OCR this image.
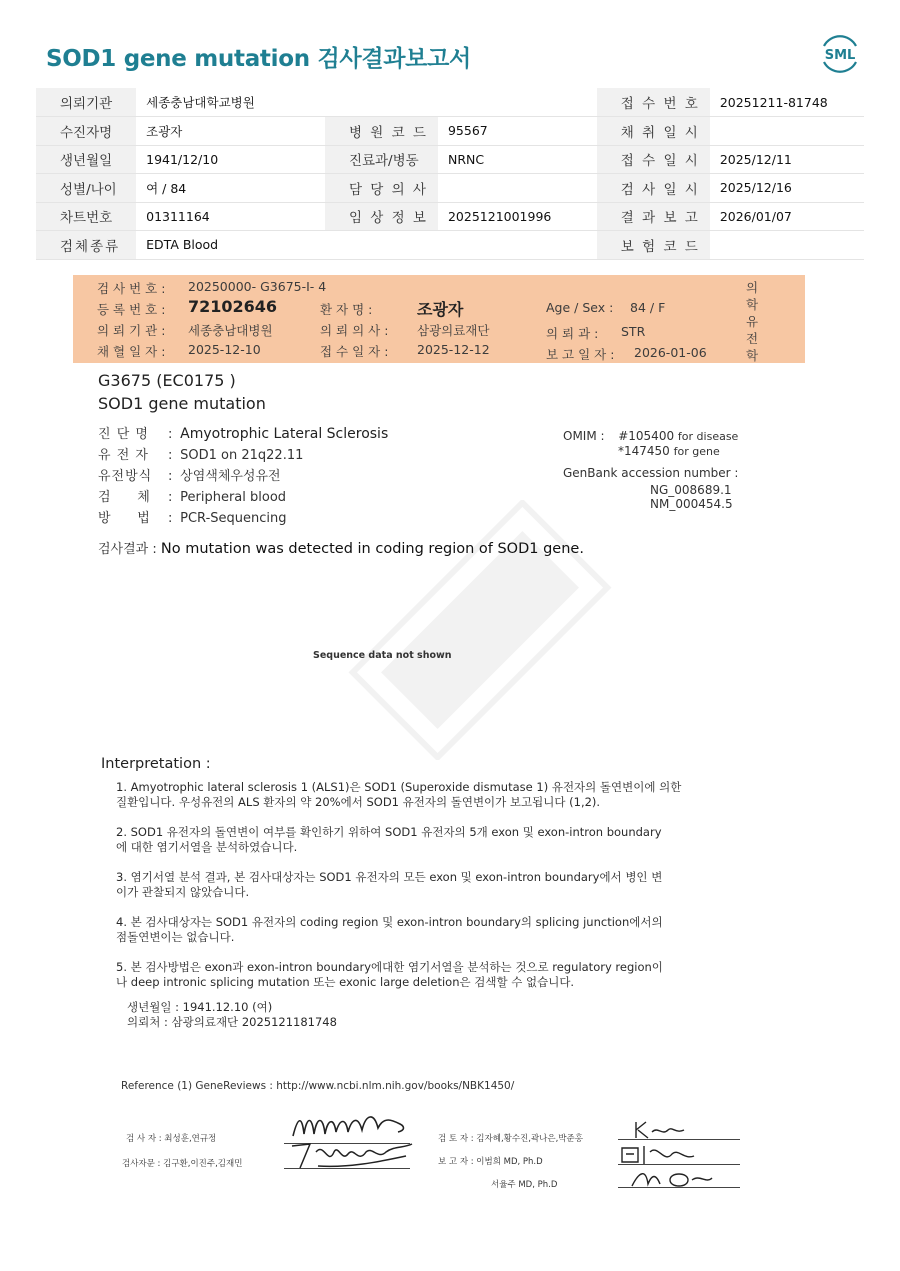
SOD1 gene mutation 검사결과보고서	SML
의뢰기관	세종충남대학교병원			접 수 번 호	20251211-81748
수진자명	조광자	병 원 코 드	95567	채 취 일 시	
생년월일	1941/12/10	진료과/병동	NRNC	접 수 일 시	2025/12/11
성별/나이	여 / 84	담 당 의 사		검 사 일 시	2025/12/16
차트번호	01311164	임 상 정 보	2025121001996	결 과 보 고	2026/01/07
검체종류	EDTA Blood			보 험 코 드	
검 사 번 호 : 20250000- G3675-I- 4
등 록 번 호 : 72102646	환 자 명 :	조광자	Age / Sex : 84 / F
의 뢰 기 관 : 세종충남대병원	의 뢰 의 사 : 삼광의료재단	의 뢰 과 : STR
채 혈 일 자 : 2025-12-10	접 수 일 자 : 2025-12-12	보 고 일 자 : 2026-01-06
의
학
유
전
학
G3675 (EC0175 )
SOD1 gene mutation
진 단 명 : Amyotrophic Lateral Sclerosis
유 전 자 : SOD1 on 21q22.11
유전방식 : 상염색체우성유전
검     체 : Peripheral blood
방     법 : PCR-Sequencing
OMIM : #105400 for disease
*147450 for gene
GenBank accession number :
NG_008689.1
NM_000454.5
검사결과 : No mutation was detected in coding region of SOD1 gene.
Sequence data not shown
Interpretation :

1. Amyotrophic lateral sclerosis 1 (ALS1)은 SOD1 (Superoxide dismutase 1) 유전자의 돌연변이에 의한
질환입니다. 우성유전의 ALS 환자의 약 20%에서 SOD1 유전자의 돌연변이가 보고됩니다 (1,2).

2. SOD1 유전자의 돌연변이 여부를 확인하기 위하여 SOD1 유전자의 5개 exon 및 exon-intron boundary
에 대한 염기서열을 분석하였습니다.

3. 염기서열 분석 결과, 본 검사대상자는 SOD1 유전자의 모든 exon 및 exon-intron boundary에서 병인 변
이가 관찰되지 않았습니다.

4. 본 검사대상자는 SOD1 유전자의 coding region 및 exon-intron boundary의 splicing junction에서의
점돌연변이는 없습니다.

5. 본 검사방법은 exon과 exon-intron boundary에대한 염기서열을 분석하는 것으로 regulatory region이
나 deep intronic splicing mutation 또는 exonic large deletion은 검색할 수 없습니다.

생년월일 : 1941.12.10 (여)
의뢰처 : 삼광의료재단 2025121181748
Reference (1) GeneReviews : http://www.ncbi.nlm.nih.gov/books/NBK1450/
검 사 자 : 최성훈,연규정
검사자문 : 김구환,이진주,김재민
검 토 자 : 김자혜,황수진,곽나은,박준홍
보 고 자 : 이범희 MD, Ph.D
서율주 MD, Ph.D
